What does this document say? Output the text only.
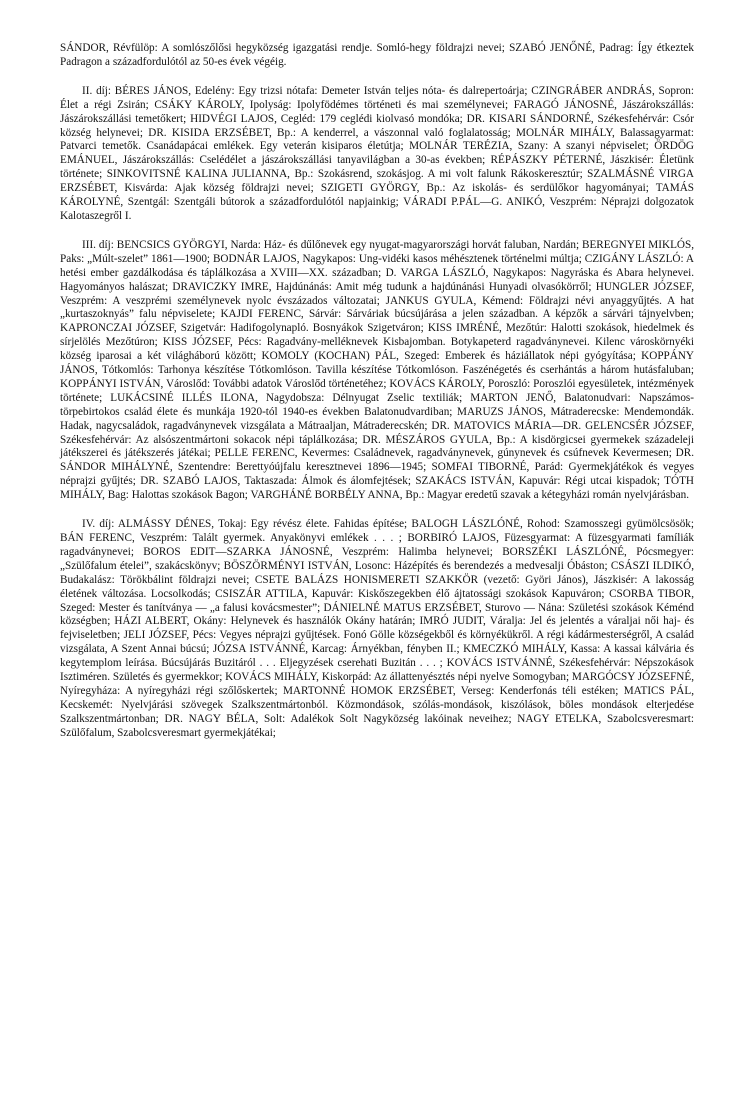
SÁNDOR, Révfülöp: A somlószőlősi hegyközség igazgatási rendje. Somló-hegy földrajzi nevei; SZABÓ JENŐNÉ, Padrag: Így étkeztek Padragon a századfordulótól az 50-es évek végéig.

II. díj: BÉRES JÁNOS, Edelény: Egy trizsi nótafa: Demeter István teljes nóta- és dalrepertoárja; CZINGRÁBER ANDRÁS, Sopron: Élet a régi Zsirán; CSÁKY KÁROLY, Ipolyság: Ipolyfödémes történeti és mai személynevei; FARAGÓ JÁNOSNÉ, Jászárokszállás: Jászárokszállási temetőkert; HIDVÉGI LAJOS, Cegléd: 179 ceglédi kiolvasó mondóka; DR. KISARI SÁNDORNÉ, Székesfehérvár: Csór község helynevei; DR. KISIDA ERZSÉBET, Bp.: A kenderrel, a vászonnal való foglalatosság; MOLNÁR MIHÁLY, Balassagyarmat: Patvarci temetők. Csanádapácai emlékek. Egy veterán kisiparos életútja; MOLNÁR TERÉZIA, Szany: A szanyi népviselet; ÖRDÖG EMÁNUEL, Jászárokszállás: Cselédélet a jászárokszállási tanyavilágban a 30-as években; RÉPÁSZKY PÉTERNÉ, Jászkisér: Életünk története; SINKOVITSNÉ KALINA JULIANNA, Bp.: Szokásrend, szokásjog. A mi volt falunk Rákoskeresztúr; SZALMÁSNÉ VIRGA ERZSÉBET, Kisvárda: Ajak község földrajzi nevei; SZIGETI GYÖRGY, Bp.: Az iskolás- és serdülőkor hagyományai; TAMÁS KÁROLYNÉ, Szentgál: Szentgáli bútorok a századfordulótól napjainkig; VÁRADI P.PÁL—G. ANIKÓ, Veszprém: Néprajzi dolgozatok Kalotaszegről I.

III. díj: BENCSICS GYÖRGYI, Narda: Ház- és dűlőnevek egy nyugat-magyarországi horvát faluban, Nardán; BEREGNYEI MIKLÓS, Paks: „Múlt-szelet” 1861—1900; BODNÁR LAJOS, Nagykapos: Ung-vidéki kasos méhésztenek történelmi múltja; CZIGÁNY LÁSZLÓ: A hetési ember gazdálkodása és táplálkozása a XVIII—XX. században; D. VARGA LÁSZLÓ, Nagykapos: Nagyráska és Abara helynevei. Hagyományos halászat; DRAVICZKY IMRE, Hajdúnánás: Amit még tudunk a hajdúnánási Hunyadi olvasókörről; HUNGLER JÓZSEF, Veszprém: A veszprémi személynevek nyolc évszázados változatai; JANKUS GYULA, Kémend: Földrajzi névi anyaggyűjtés. A hat „kurtaszoknyás” falu népviselete; KAJDI FERENC, Sárvár: Sárváriak búcsújárása a jelen században. A képzők a sárvári tájnyelvben; KAPRONCZAI JÓZSEF, Szigetvár: Hadifogolynapló. Bosnyákok Szigetváron; KISS IMRÉNÉ, Mezőtúr: Halotti szokások, hiedelmek és sírjelölés Mezőtúron; KISS JÓZSEF, Pécs: Ragadvány-melléknevek Kisbajomban. Botykapeterd ragadványnevei. Kilenc városkörnyéki község iparosai a két világháború között; KOMOLY (KOCHAN) PÁL, Szeged: Emberek és háziállatok népi gyógyítása; KOPPÁNY JÁNOS, Tótkomlós: Tarhonya készítése Tótkomlóson. Tavilla készítése Tótkomlóson. Faszénégetés és cserhántás a három hutásfaluban; KOPPÁNYI ISTVÁN, Városlőd: További adatok Városlőd történetéhez; KOVÁCS KÁROLY, Poroszló: Poroszlói egyesületek, intézmények története; LUKÁCSINÉ ILLÉS ILONA, Nagydobsza: Délnyugat Zselic textiliák; MARTON JENŐ, Balatonudvari: Napszámos-törpebirtokos család élete és munkája 1920-tól 1940-es években Balatonudvardiban; MARUZS JÁNOS, Mátraderecske: Mendemondák. Hadak, nagycsaládok, ragadványnevek vizsgálata a Mátraaljan, Mátraderecskén; DR. MATOVICS MÁRIA—DR. GELENCSÉR JÓZSEF, Székesfehérvár: Az alsószentmártoni sokacok népi táplálkozása; DR. MÉSZÁROS GYULA, Bp.: A kisdörgicsei gyermekek századeleji játékszerei és játékszerés játékai; PELLE FERENC, Kevermes: Családnevek, ragadványnevek, gúnynevek és csúfnevek Kevermesen; DR. SÁNDOR MIHÁLYNÉ, Szentendre: Berettyóújfalu keresztnevei 1896—1945; SOMFAI TIBORNÉ, Parád: Gyermekjátékok és vegyes néprajzi gyűjtés; DR. SZABÓ LAJOS, Taktaszada: Álmok és álomfejtések; SZAKÁCS ISTVÁN, Kapuvár: Régi utcai kispadok; TÓTH MIHÁLY, Bag: Halottas szokások Bagon; VARGHÁNÉ BORBÉLY ANNA, Bp.: Magyar eredetű szavak a kétegyházi román nyelvjárásban.

IV. díj: ALMÁSSY DÉNES, Tokaj: Egy révész élete. Fahidas építése; BALOGH LÁSZLÓNÉ, Rohod: Szamosszegi gyümölcsösök; BÁN FERENC, Veszprém: Talált gyermek. Anyakönyvi emlékek . . . ; BORBIRÓ LAJOS, Füzesgyarmat: A füzesgyarmati famíliák ragadványnevei; BOROS EDIT—SZARKA JÁNOSNÉ, Veszprém: Halimba helynevei; BORSZÉKI LÁSZLÓNÉ, Pócsmegyer: „Szülőfalum ételei”, szakácskönyv; BÖSZÖRMÉNYI ISTVÁN, Losonc: Házépítés és berendezés a medvesalji Óbáston; CSÁSZI ILDIKÓ, Budakalász: Törökbálint földrajzi nevei; CSETE BALÁZS HONISMERETI SZAKKÖR (vezető: Györi János), Jászkisér: A lakosság életének változása. Locsolkodás; CSISZÁR ATTILA, Kapuvár: Kiskőszegekben élő ájtatossági szokások Kapuváron; CSORBA TIBOR, Szeged: Mester és tanítványa — „a falusi kovácsmester”; DÁNIELNÉ MATUS ERZSÉBET, Sturovo — Nána: Születési szokások Kéménd községben; HÁZI ALBERT, Okány: Helynevek és használók Okány határán; IMRÓ JUDIT, Váralja: Jel és jelentés a váraljai női haj- és fejviseletben; JELI JÓZSEF, Pécs: Vegyes néprajzi gyűjtések. Fonó Gölle községekből és környékükről. A régi kádármesterségről, A család vizsgálata, A Szent Annai búcsú; JÓZSA ISTVÁNNÉ, Karcag: Árnyékban, fényben II.; KMECZKÓ MIHÁLY, Kassa: A kassai kálvária és kegytemplom leírása. Búcsújárás Buzitáról . . . Eljegyzések cserehati Buzitán . . . ; KOVÁCS ISTVÁNNÉ, Székesfehérvár: Népszokások Isztiméren. Születés és gyermekkor; KOVÁCS MIHÁLY, Kiskorpád: Az állattenyésztés népi nyelve Somogyban; MARGÓCSY JÓZSEFNÉ, Nyíregyháza: A nyíregyházi régi szőlőskertek; MARTONNÉ HOMOK ERZSÉBET, Verseg: Kenderfonás téli estéken; MATICS PÁL, Kecskemét: Nyelvjárási szövegek Szalkszentmártonból. Közmondások, szólás-mondások, kiszólások, böles mondások elterjedése Szalkszentmártonban; DR. NAGY BÉLA, Solt: Adalékok Solt Nagyközség lakóinak neveihez; NAGY ETELKA, Szabolcsveresmart: Szülőfalum, Szabolcsveresmart gyermekjátékai;
